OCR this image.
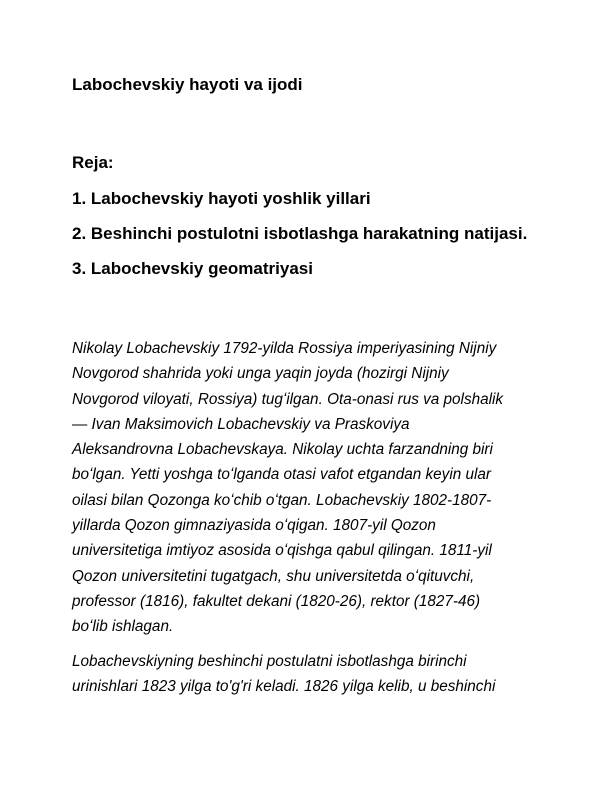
Labochevskiy hayoti va ijodi
Reja:
1. Labochevskiy hayoti yoshlik yillari
2. Beshinchi postulotni isbotlashga harakatning natijasi.
3. Labochevskiy geomatriyasi

Nikolay Lobachevskiy 1792-yilda Rossiya imperiyasining Nijniy
Novgorod shahrida yoki unga yaqin joyda (hozirgi Nijniy
Novgorod viloyati, Rossiya) tugʻilgan. Ota-onasi rus va polshalik
— Ivan Maksimovich Lobachevskiy va Praskoviya
Aleksandrovna Lobachevskaya. Nikolay uchta farzandning biri
boʻlgan. Yetti yoshga toʻlganda otasi vafot etgandan keyin ular
oilasi bilan Qozonga koʻchib oʻtgan. Lobachevskiy 1802-1807-
yillarda Qozon gimnaziyasida oʻqigan. 1807-yil Qozon
universitetiga imtiyoz asosida oʻqishga qabul qilingan. 1811-yil
Qozon universitetini tugatgach, shu universitetda oʻqituvchi,
professor (1816), fakultet dekani (1820-26), rektor (1827-46)
boʻlib ishlagan.

Lobachevskiyning beshinchi postulatni isbotlashga birinchi
urinishlari 1823 yilga to'g'ri keladi. 1826 yilga kelib, u beshinchi
